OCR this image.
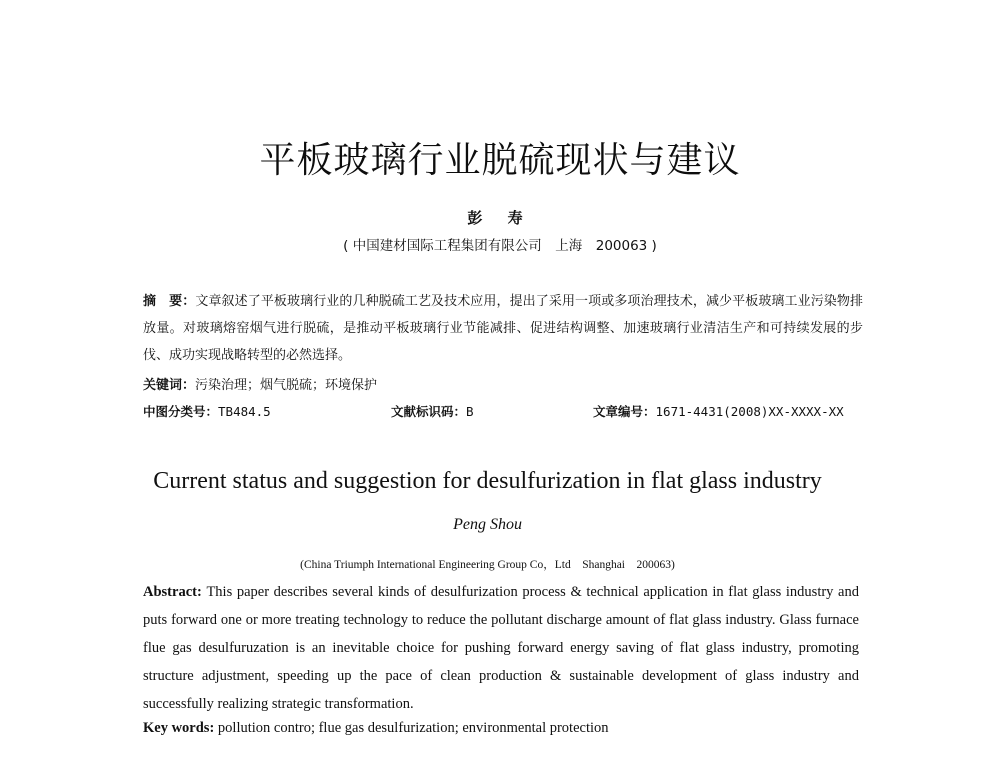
平板玻璃行业脱硫现状与建议
彭 寿
( 中国建材国际工程集团有限公司　上海　200063 )
摘　要：文章叙述了平板玻璃行业的几种脱硫工艺及技术应用，提出了采用一项或多项治理技术，减少平板玻璃工业污染物排放量。对玻璃熔窑烟气进行脱硫，是推动平板玻璃行业节能减排、促进结构调整、加速玻璃行业清洁生产和可持续发展的步伐、成功实现战略转型的必然选择。
关键词：污染治理；烟气脱硫；环境保护
中图分类号：TB484.5	文献标识码：B	文章编号：1671-4431(2008)XX-XXXX-XX
Current status and suggestion for desulfurization in flat glass industry
Peng Shou
(China Triumph International Engineering Group Co，Ltd　Shanghai　200063)
Abstract: This paper describes several kinds of desulfurization process & technical application in flat glass industry and puts forward one or more treating technology to reduce the pollutant discharge amount of flat glass industry. Glass furnace flue gas desulfuruzation is an inevitable choice for pushing forward energy saving of flat glass industry, promoting structure adjustment, speeding up the pace of clean production & sustainable development of glass industry and successfully realizing strategic transformation.
Key words: pollution contro; flue gas desulfurization; environmental protection
